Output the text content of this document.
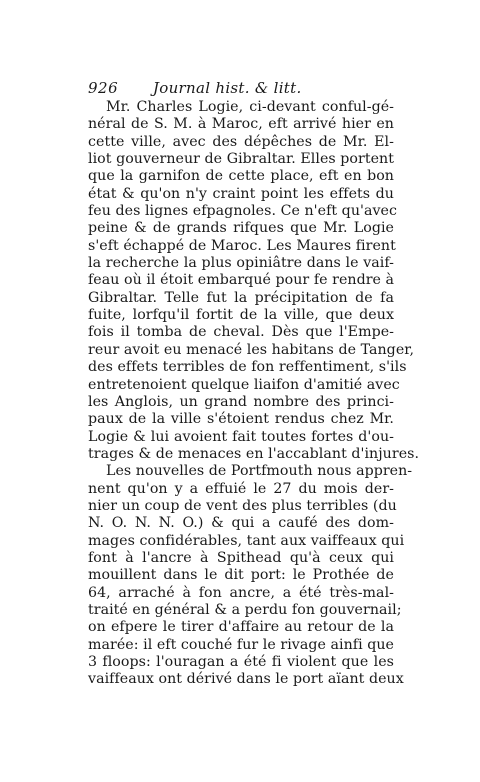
926 Journal hist. & litt.
Mr. Charles Logie, ci-devant conful-gé-
néral de S. M. à Maroc, eft arrivé hier en
cette ville, avec des dépêches de Mr. El-
liot gouverneur de Gibraltar. Elles portent
que la garnifon de cette place, eft en bon
état & qu'on n'y craint point les effets du
feu des lignes efpagnoles. Ce n'eft qu'avec
peine & de grands rifques que Mr. Logie
s'eft échappé de Maroc. Les Maures firent
la recherche la plus opiniâtre dans le vaif-
feau où il étoit embarqué pour fe rendre à
Gibraltar. Telle fut la précipitation de fa
fuite, lorfqu'il fortit de la ville, que deux
fois il tomba de cheval. Dès que l'Empe-
reur avoit eu menacé les habitans de Tanger,
des effets terribles de fon reffentiment, s'ils
entretenoient quelque liaifon d'amitié avec
les Anglois, un grand nombre des princi-
paux de la ville s'étoient rendus chez Mr.
Logie & lui avoient fait toutes fortes d'ou-
trages & de menaces en l'accablant d'injures.
Les nouvelles de Portfmouth nous appren-
nent qu'on y a effuié le 27 du mois der-
nier un coup de vent des plus terribles (du
N. O. N. N. O.) & qui a caufé des dom-
mages confidérables, tant aux vaiffeaux qui
font à l'ancre à Spithead qu'à ceux qui
mouillent dans le dit port: le Prothée de
64, arraché à fon ancre, a été très-mal-
traité en général & a perdu fon gouvernail;
on efpere le tirer d'affaire au retour de la
marée: il eft couché fur le rivage ainfi que
3 floops: l'ouragan a été fi violent que les
vaiffeaux ont dérivé dans le port aïant deux
